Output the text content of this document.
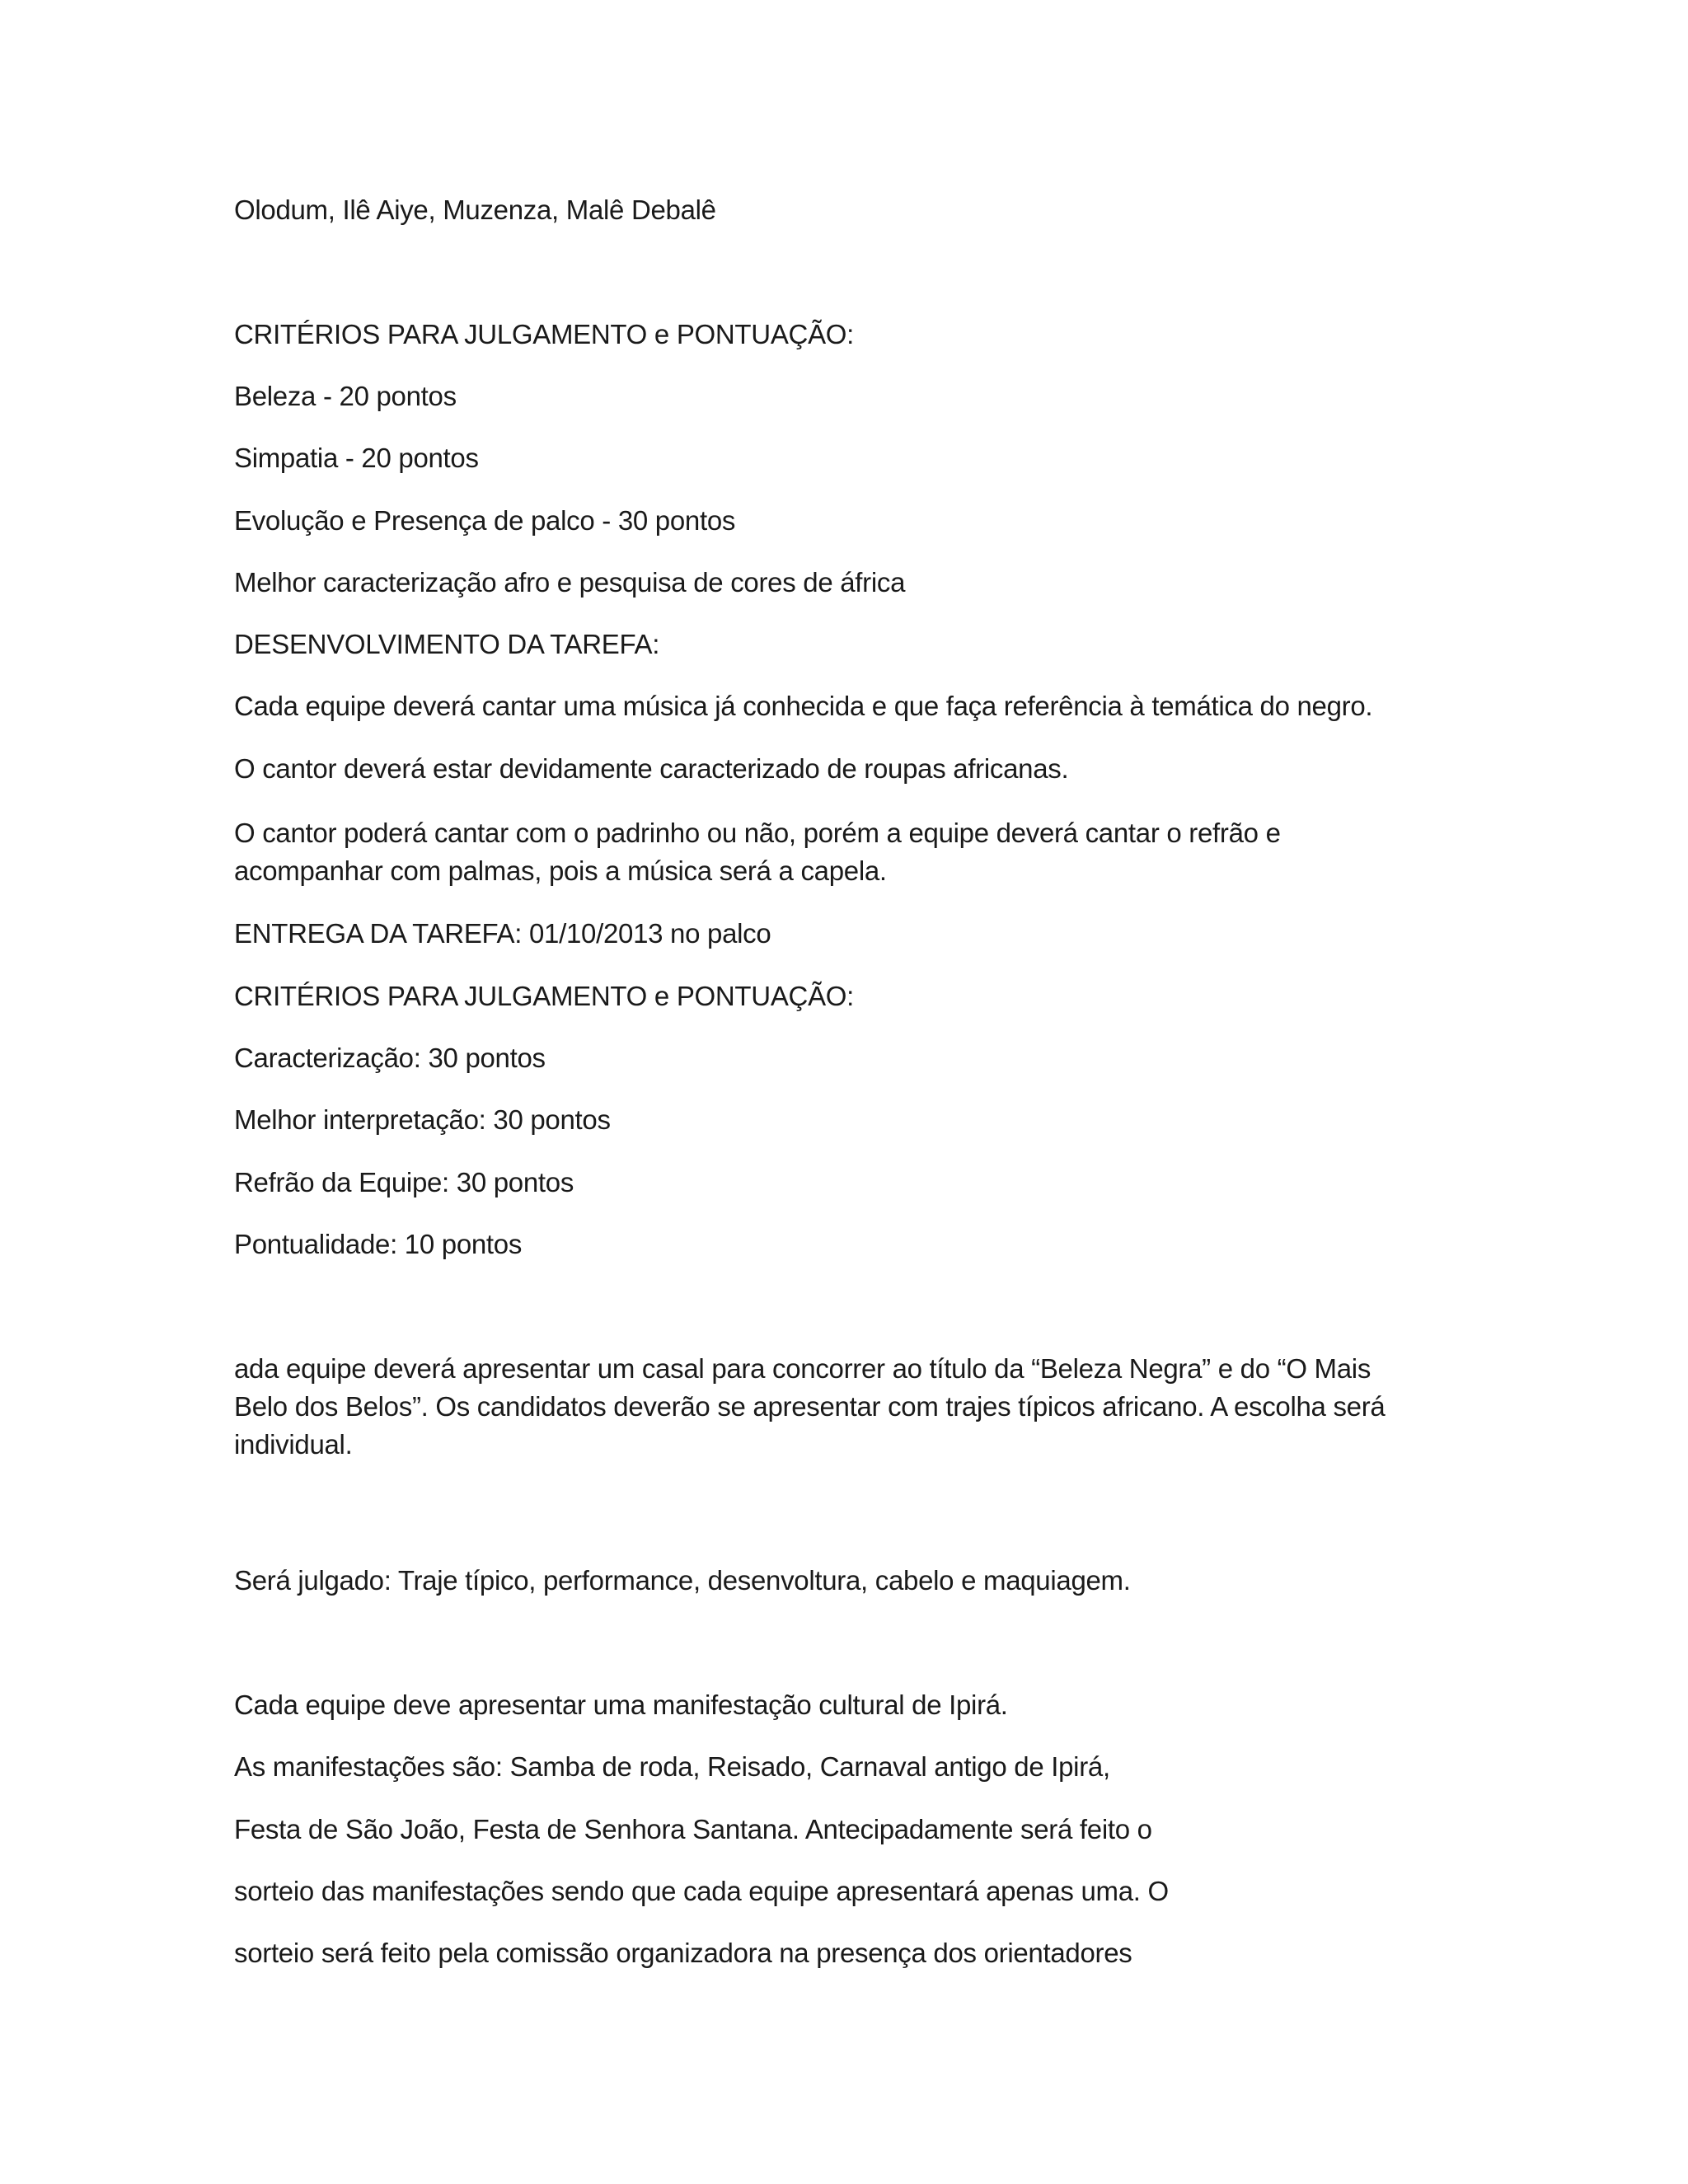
Olodum, Ilê Aiye, Muzenza, Malê Debalê
CRITÉRIOS PARA JULGAMENTO e PONTUAÇÃO:
Beleza - 20 pontos
Simpatia - 20 pontos
Evolução e Presença de palco - 30 pontos
Melhor caracterização afro e pesquisa de cores de áfrica
DESENVOLVIMENTO DA TAREFA:
Cada equipe deverá cantar uma música já conhecida e que faça referência à temática do negro.
O cantor deverá estar devidamente caracterizado de roupas africanas.
O cantor poderá cantar com o padrinho ou não, porém a equipe deverá cantar o refrão e
acompanhar com palmas, pois a música será a capela.
ENTREGA DA TAREFA: 01/10/2013 no palco
CRITÉRIOS PARA JULGAMENTO e PONTUAÇÃO:
Caracterização: 30 pontos
Melhor interpretação: 30 pontos
Refrão da Equipe: 30 pontos
Pontualidade: 10 pontos
ada equipe deverá apresentar um casal para concorrer ao título da “Beleza Negra” e do “O Mais
Belo dos Belos”. Os candidatos deverão se apresentar com trajes típicos africano. A escolha será
individual.
Será julgado: Traje típico, performance, desenvoltura, cabelo e maquiagem.
Cada equipe deve apresentar uma manifestação cultural de Ipirá.
As manifestações são: Samba de roda, Reisado, Carnaval antigo de Ipirá,
Festa de São João, Festa de Senhora Santana. Antecipadamente será feito o
sorteio das manifestações sendo que cada equipe apresentará apenas uma. O
sorteio será feito pela comissão organizadora na presença dos orientadores
